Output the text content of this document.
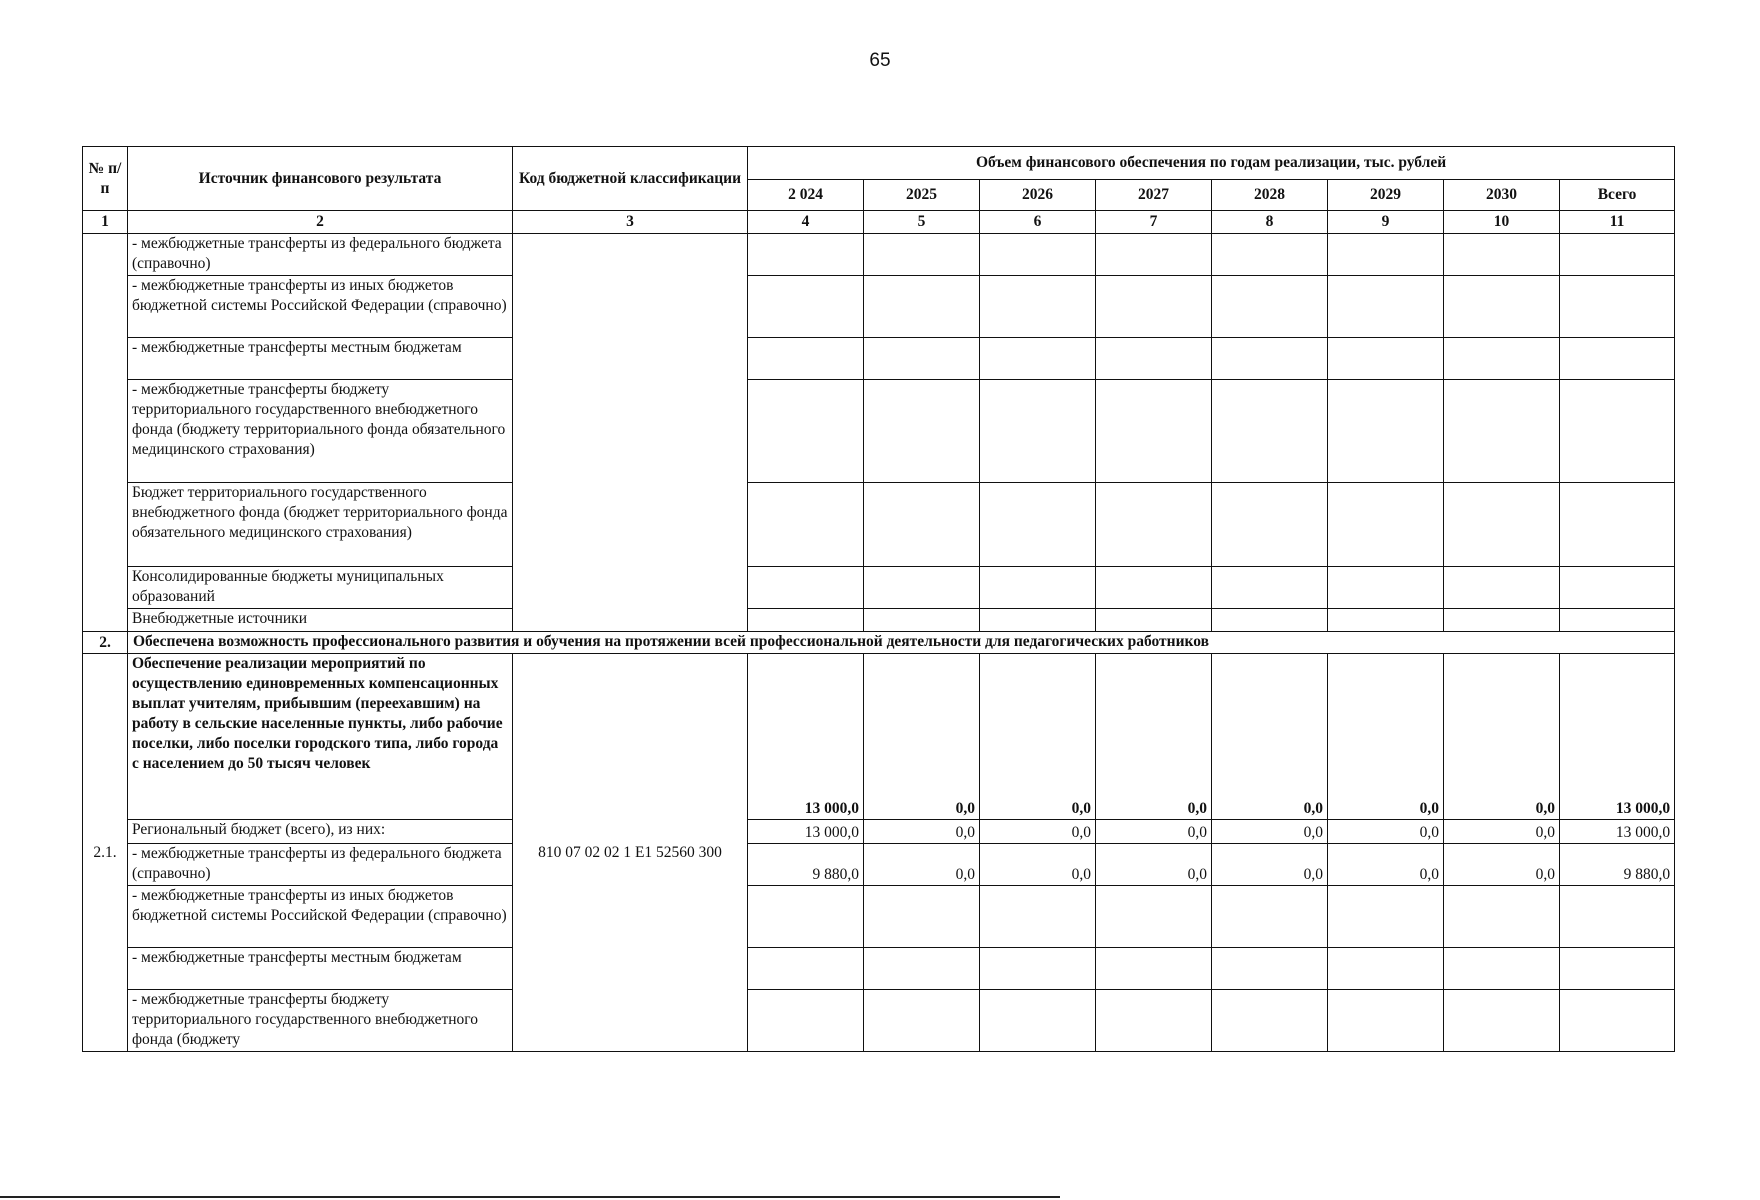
65
№ п/п	Источник финансового результата	Код бюджетной классификации	Объем финансового обеспечения по годам реализации, тыс. рублей							
			2 024	2025	2026	2027	2028	2029	2030	Всего
1	2	3	4	5	6	7	8	9	10	11
	- межбюджетные трансферты из федерального бюджета (справочно)									
	- межбюджетные трансферты из иных бюджетов бюджетной системы Российской Федерации (справочно)									
	- межбюджетные трансферты местным бюджетам									
	- межбюджетные трансферты бюджету территориального государственного внебюджетного фонда (бюджету территориального фонда обязательного медицинского страхования)									
	Бюджет территориального государственного внебюджетного фонда (бюджет территориального фонда обязательного медицинского страхования)									
	Консолидированные бюджеты муниципальных образований									
	Внебюджетные источники									
2.	Обеспечена возможность профессионального развития и обучения на протяжении всей профессиональной деятельности для педагогических работников									
2.1.	Обеспечение реализации мероприятий по осуществлению единовременных компенсационных выплат учителям, прибывшим (переехавшим) на работу в сельские населенные пункты, либо рабочие поселки, либо поселки городского типа, либо города с населением до 50 тысяч человек	810 07 02 02 1 E1 52560 300	13 000,0	0,0	0,0	0,0	0,0	0,0	0,0	13 000,0
	Региональный бюджет (всего), из них:		13 000,0	0,0	0,0	0,0	0,0	0,0	0,0	13 000,0
	- межбюджетные трансферты из федерального бюджета (справочно)		9 880,0	0,0	0,0	0,0	0,0	0,0	0,0	9 880,0
	- межбюджетные трансферты из иных бюджетов бюджетной системы Российской Федерации (справочно)									
	- межбюджетные трансферты местным бюджетам									
	- межбюджетные трансферты бюджету территориального государственного внебюджетного фонда (бюджету									
